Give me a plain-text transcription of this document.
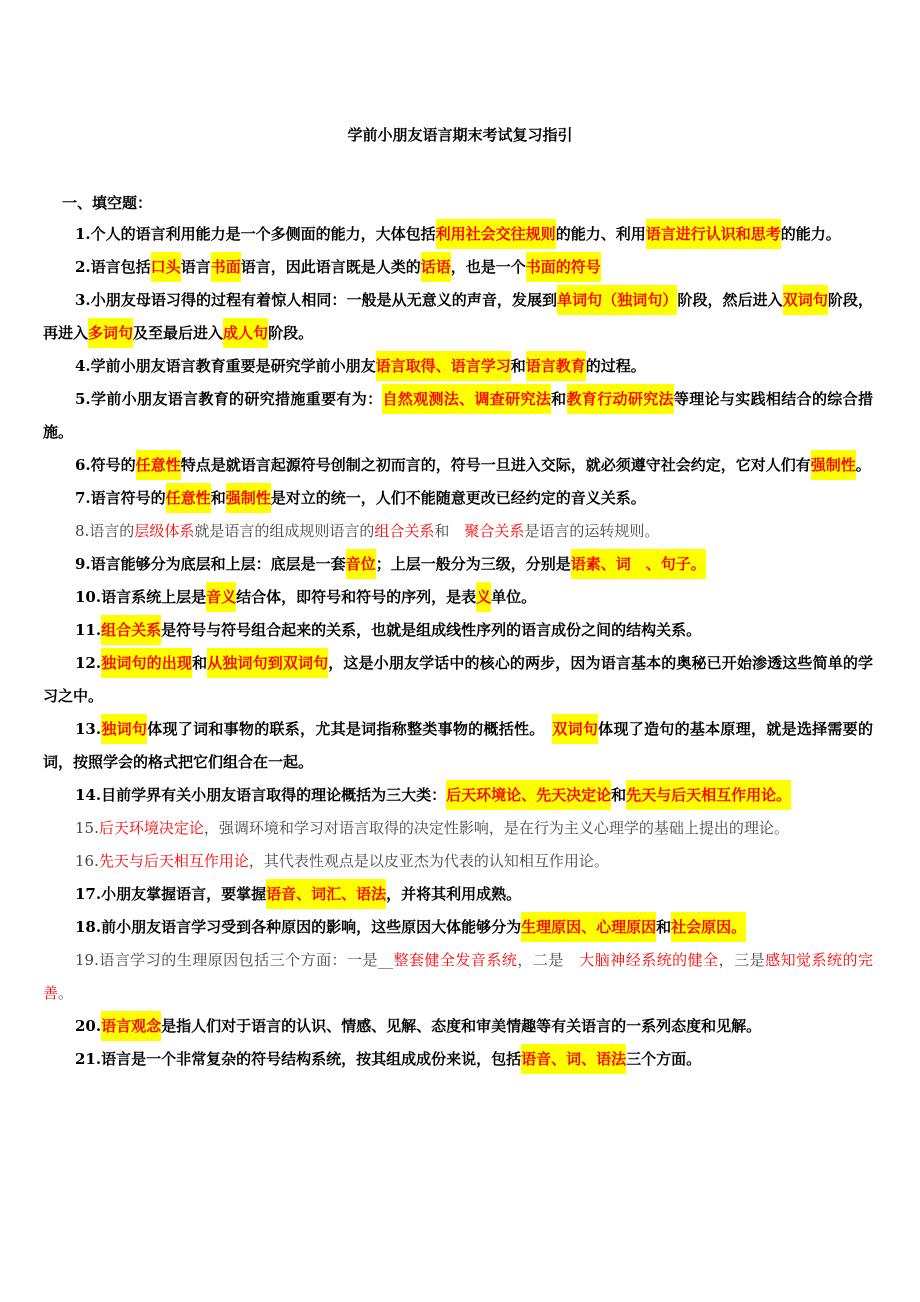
学前小朋友语言期末考试复习指引
一、填空题：
1.个人的语言利用能力是一个多侧面的能力，大体包括利用社会交往规则的能力、利用语言进行认识和思考的能力。
2.语言包括口头语言书面语言，因此语言既是人类的话语，也是一个书面的符号
3.小朋友母语习得的过程有着惊人相同：一般是从无意义的声音，发展到单词句（独词句）阶段，然后进入双词句阶段，再进入多词句及至最后进入成人句阶段。
4.学前小朋友语言教育重要是研究学前小朋友语言取得、语言学习和语言教育的过程。
5.学前小朋友语言教育的研究措施重要有为：自然观测法、调查研究法和教育行动研究法等理论与实践相结合的综合措施。
6.符号的任意性特点是就语言起源符号创制之初而言的，符号一旦进入交际，就必须遵守社会约定，它对人们有强制性。
7.语言符号的任意性和强制性是对立的统一，人们不能随意更改已经约定的音义关系。
8.语言的层级体系就是语言的组成规则语言的组合关系和　聚合关系是语言的运转规则。
9.语言能够分为底层和上层：底层是一套音位；上层一般分为三级，分别是语素、词　、句子。
10.语言系统上层是音义结合体，即符号和符号的序列，是表义单位。
11.组合关系是符号与符号组合起来的关系，也就是组成线性序列的语言成份之间的结构关系。
12.独词句的出现和从独词句到双词句，这是小朋友学话中的核心的两步，因为语言基本的奥秘已开始渗透这些简单的学习之中。
13.独词句体现了词和事物的联系，尤其是词指称整类事物的概括性。　双词句体现了造句的基本原理，就是选择需要的词，按照学会的格式把它们组合在一起。
14.目前学界有关小朋友语言取得的理论概括为三大类：后天环境论、先天决定论和先天与后天相互作用论。
15.后天环境决定论，强调环境和学习对语言取得的决定性影响，是在行为主义心理学的基础上提出的理论。
16.先天与后天相互作用论，其代表性观点是以皮亚杰为代表的认知相互作用论。
17.小朋友掌握语言，要掌握语音、词汇、语法，并将其利用成熟。
18.前小朋友语言学习受到各种原因的影响，这些原因大体能够分为生理原因、心理原因和社会原因。
19.语言学习的生理原因包括三个方面：一是__整套健全发音系统，二是　大脑神经系统的健全，三是感知觉系统的完善。
20.语言观念是指人们对于语言的认识、情感、见解、态度和审美情趣等有关语言的一系列态度和见解。
21.语言是一个非常复杂的符号结构系统，按其组成成份来说，包括语音、词、语法三个方面。
